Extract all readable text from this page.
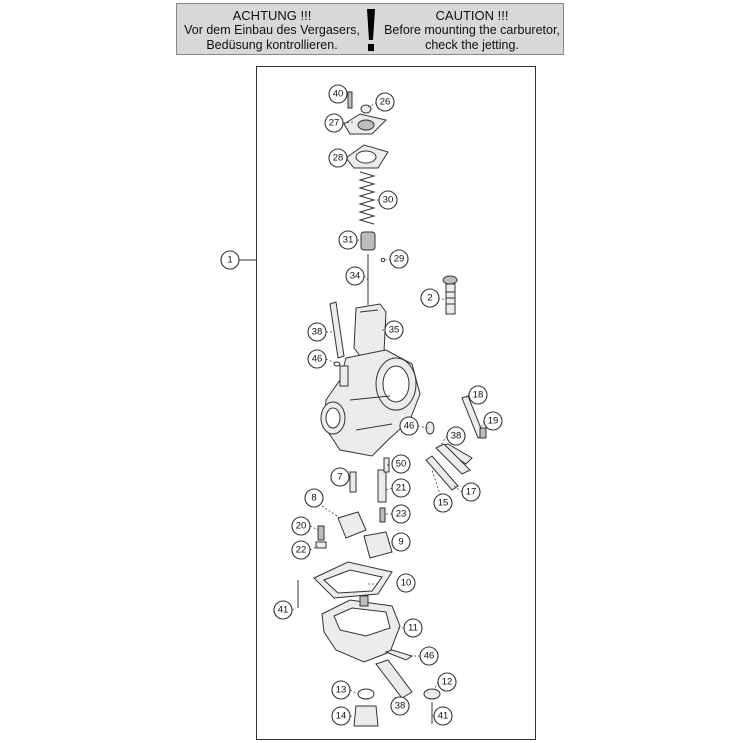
ACHTUNG !!!
Vor dem Einbau des Vergasers,
Bedüsung kontrollieren.
CAUTION !!!
Before mounting the carburetor,
check the jetting.
1
2
7
8
9
10
11
12
13
14
15
17
18
19
20
21
22
23
26
27
28
29
30
31
34
35
38
38
38
40
41
41
46
46
46
50
